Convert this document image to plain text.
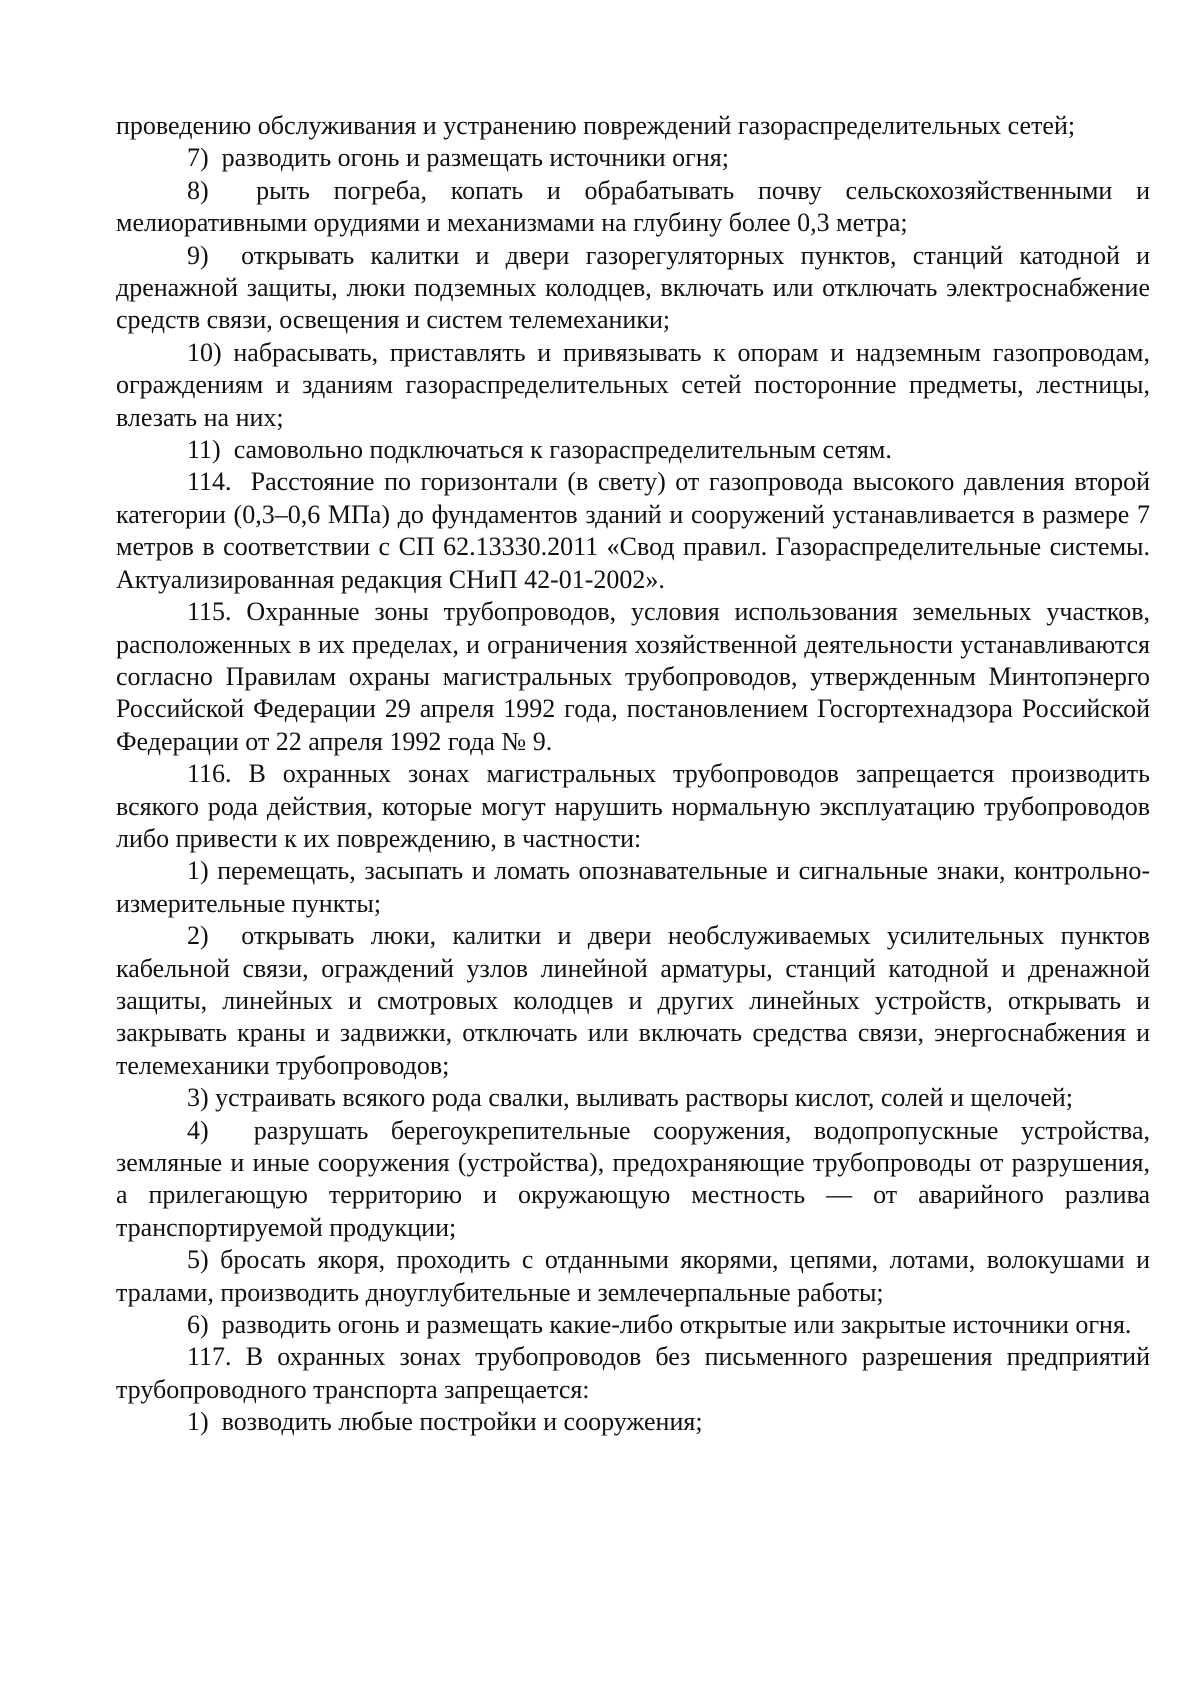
проведению обслуживания и устранению повреждений газораспределительных сетей;

7)  разводить огонь и размещать источники огня;

8)  рыть погреба, копать и обрабатывать почву сельскохозяйственными и мелиоративными орудиями и механизмами на глубину более 0,3 метра;

9)  открывать калитки и двери газорегуляторных пунктов, станций катодной и дренажной защиты, люки подземных колодцев, включать или отключать электроснабжение средств связи, освещения и систем телемеханики;

10) набрасывать, приставлять и привязывать к опорам и надземным газопроводам, ограждениям и зданиям газораспределительных сетей посторонние предметы, лестницы, влезать на них;

11)  самовольно подключаться к газораспределительным сетям.

114.  Расстояние по горизонтали (в свету) от газопровода высокого давления второй категории (0,3–0,6 МПа) до фундаментов зданий и сооружений устанавливается в размере 7 метров в соответствии с СП 62.13330.2011 «Свод правил. Газораспределительные системы. Актуализированная редакция СНиП 42-01-2002».

115. Охранные зоны трубопроводов, условия использования земельных участков, расположенных в их пределах, и ограничения хозяйственной деятельности устанавливаются согласно Правилам охраны магистральных трубопроводов, утвержденным Минтопэнерго Российской Федерации 29 апреля 1992 года, постановлением Госгортехнадзора Российской Федерации от 22 апреля 1992 года № 9.

116. В охранных зонах магистральных трубопроводов запрещается производить всякого рода действия, которые могут нарушить нормальную эксплуатацию трубопроводов либо привести к их повреждению, в частности:

1) перемещать, засыпать и ломать опознавательные и сигнальные знаки, контрольно-измерительные пункты;

2)  открывать люки, калитки и двери необслуживаемых усилительных пунктов кабельной связи, ограждений узлов линейной арматуры, станций катодной и дренажной защиты, линейных и смотровых колодцев и других линейных устройств, открывать и закрывать краны и задвижки, отключать или включать средства связи, энергоснабжения и телемеханики трубопроводов;

3) устраивать всякого рода свалки, выливать растворы кислот, солей и щелочей;

4)  разрушать берегоукрепительные сооружения, водопропускные устройства, земляные и иные сооружения (устройства), предохраняющие трубопроводы от разрушения, а прилегающую территорию и окружающую местность — от аварийного разлива транспортируемой продукции;

5) бросать якоря, проходить с отданными якорями, цепями, лотами, волокушами и тралами, производить дноуглубительные и землечерпальные работы;

6)  разводить огонь и размещать какие-либо открытые или закрытые источники огня.

117. В охранных зонах трубопроводов без письменного разрешения предприятий трубопроводного транспорта запрещается:

1)  возводить любые постройки и сооружения;
